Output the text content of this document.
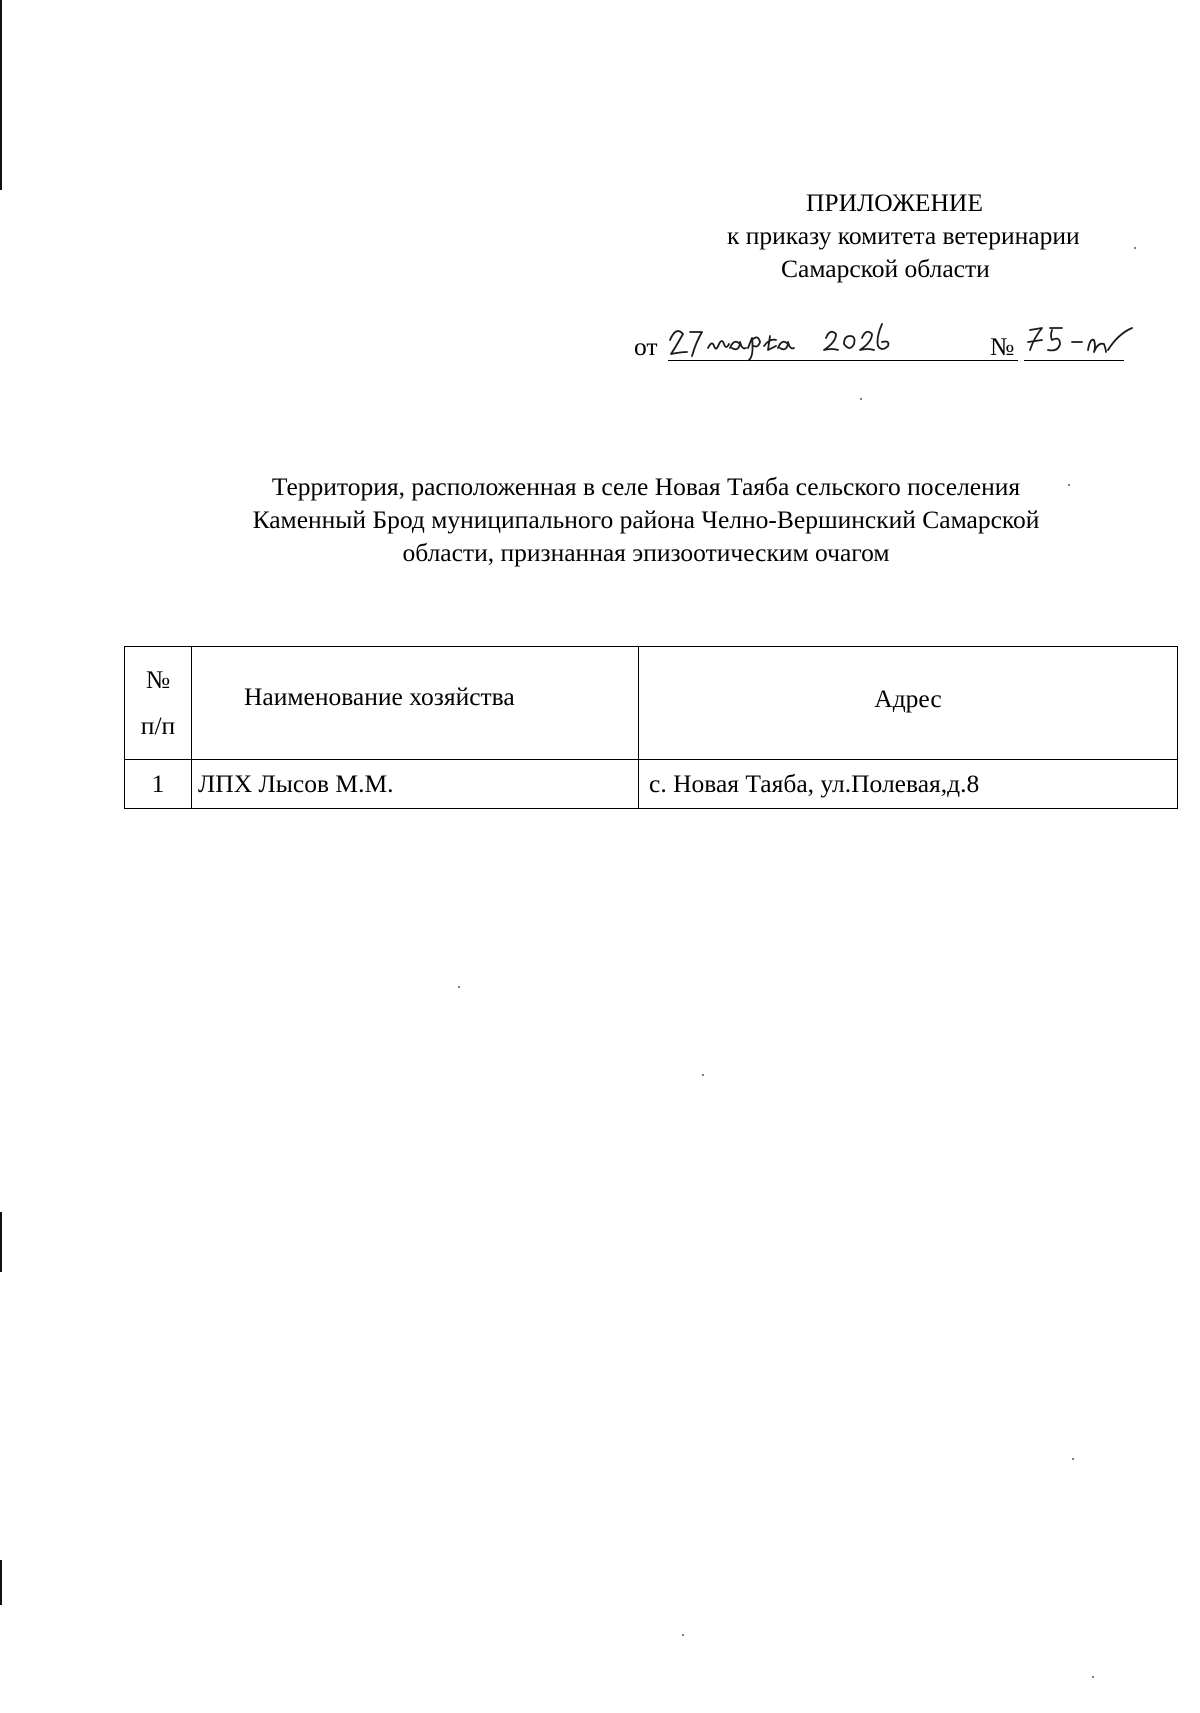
ПРИЛОЖЕНИЕ
к приказу комитета ветеринарии
Самарской области
от	№
Территория, расположенная в селе Новая Таяба сельского поселения
Каменный Брод муниципального района Челно-Вершинский Самарской
области, признанная эпизоотическим очагом
№
п/п	Наименование хозяйства	Адрес
1	ЛПХ Лысов М.М.	с. Новая Таяба, ул.Полевая,д.8
